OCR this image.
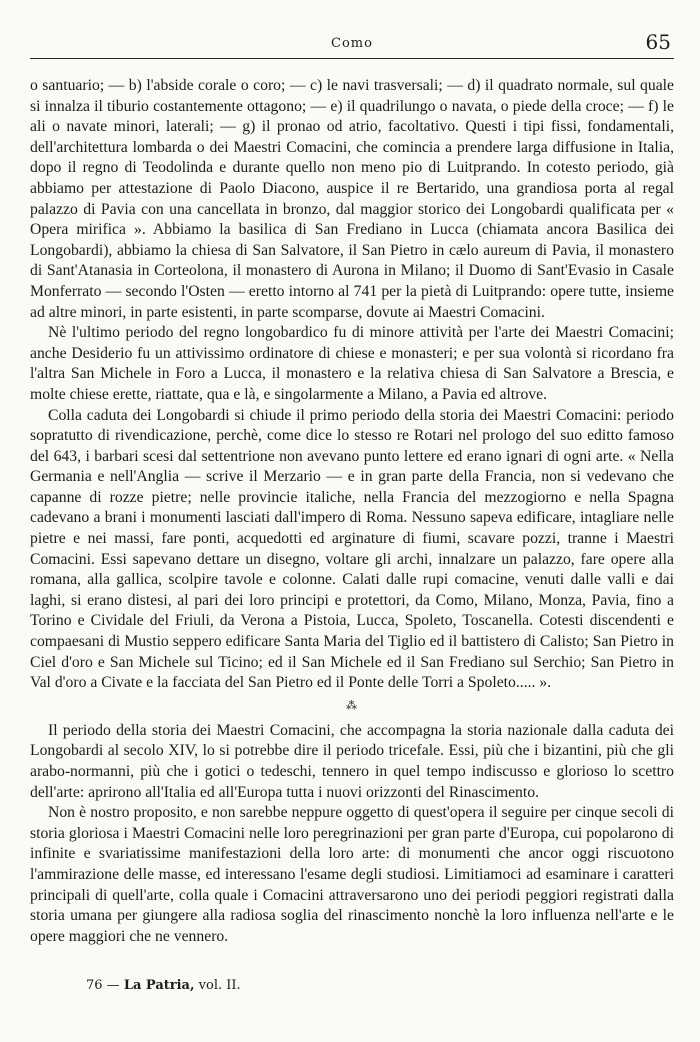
Como	65

o santuario; — b) l'abside corale o coro; — c) le navi trasversali; — d) il quadrato normale, sul quale si innalza il tiburio costantemente ottagono; — e) il quadrilungo o navata, o piede della croce; — f) le ali o navate minori, laterali; — g) il pronao od atrio, facoltativo. Questi i tipi fissi, fondamentali, dell'architettura lombarda o dei Maestri Comacini, che comincia a prendere larga diffusione in Italia, dopo il regno di Teodolinda e durante quello non meno pio di Luitprando. In cotesto periodo, già abbiamo per attestazione di Paolo Diacono, auspice il re Bertarido, una grandiosa porta al regal palazzo di Pavia con una cancellata in bronzo, dal maggior storico dei Longobardi qualificata per « Opera mirifica ». Abbiamo la basilica di San Frediano in Lucca (chiamata ancora Basilica dei Longobardi), abbiamo la chiesa di San Salvatore, il San Pietro in cælo aureum di Pavia, il monastero di Sant'Atanasia in Corteolona, il monastero di Aurona in Milano; il Duomo di Sant'Evasio in Casale Monferrato — secondo l'Osten — eretto intorno al 741 per la pietà di Luitprando: opere tutte, insieme ad altre minori, in parte esistenti, in parte scomparse, dovute ai Maestri Comacini.

Nè l'ultimo periodo del regno longobardico fu di minore attività per l'arte dei Maestri Comacini; anche Desiderio fu un attivissimo ordinatore di chiese e monasteri; e per sua volontà si ricordano fra l'altra San Michele in Foro a Lucca, il monastero e la relativa chiesa di San Salvatore a Brescia, e molte chiese erette, riattate, qua e là, e singolarmente a Milano, a Pavia ed altrove.

Colla caduta dei Longobardi si chiude il primo periodo della storia dei Maestri Comacini: periodo sopratutto di rivendicazione, perchè, come dice lo stesso re Rotari nel prologo del suo editto famoso del 643, i barbari scesi dal settentrione non avevano punto lettere ed erano ignari di ogni arte. « Nella Germania e nell'Anglia — scrive il Merzario — e in gran parte della Francia, non si vedevano che capanne di rozze pietre; nelle provincie italiche, nella Francia del mezzogiorno e nella Spagna cadevano a brani i monumenti lasciati dall'impero di Roma. Nessuno sapeva edificare, intagliare nelle pietre e nei massi, fare ponti, acquedotti ed arginature di fiumi, scavare pozzi, tranne i Maestri Comacini. Essi sapevano dettare un disegno, voltare gli archi, innalzare un palazzo, fare opere alla romana, alla gallica, scolpire tavole e colonne. Calati dalle rupi comacine, venuti dalle valli e dai laghi, si erano distesi, al pari dei loro principi e protettori, da Como, Milano, Monza, Pavia, fino a Torino e Cividale del Friuli, da Verona a Pistoia, Lucca, Spoleto, Toscanella. Cotesti discendenti e compaesani di Mustio seppero edificare Santa Maria del Tiglio ed il battistero di Calisto; San Pietro in Ciel d'oro e San Michele sul Ticino; ed il San Michele ed il San Frediano sul Serchio; San Pietro in Val d'oro a Civate e la facciata del San Pietro ed il Ponte delle Torri a Spoleto..... ».

⁂

Il periodo della storia dei Maestri Comacini, che accompagna la storia nazionale dalla caduta dei Longobardi al secolo XIV, lo si potrebbe dire il periodo tricefale. Essi, più che i bizantini, più che gli arabo-normanni, più che i gotici o tedeschi, tennero in quel tempo indiscusso e glorioso lo scettro dell'arte: aprirono all'Italia ed all'Europa tutta i nuovi orizzonti del Rinascimento.

Non è nostro proposito, e non sarebbe neppure oggetto di quest'opera il seguire per cinque secoli di storia gloriosa i Maestri Comacini nelle loro peregrinazioni per gran parte d'Europa, cui popolarono di infinite e svariatissime manifestazioni della loro arte: di monumenti che ancor oggi riscuotono l'ammirazione delle masse, ed interessano l'esame degli studiosi. Limitiamoci ad esaminare i caratteri principali di quell'arte, colla quale i Comacini attraversarono uno dei periodi peggiori registrati dalla storia umana per giungere alla radiosa soglia del rinascimento nonchè la loro influenza nell'arte e le opere maggiori che ne vennero.

76 — La Patria, vol. II.
